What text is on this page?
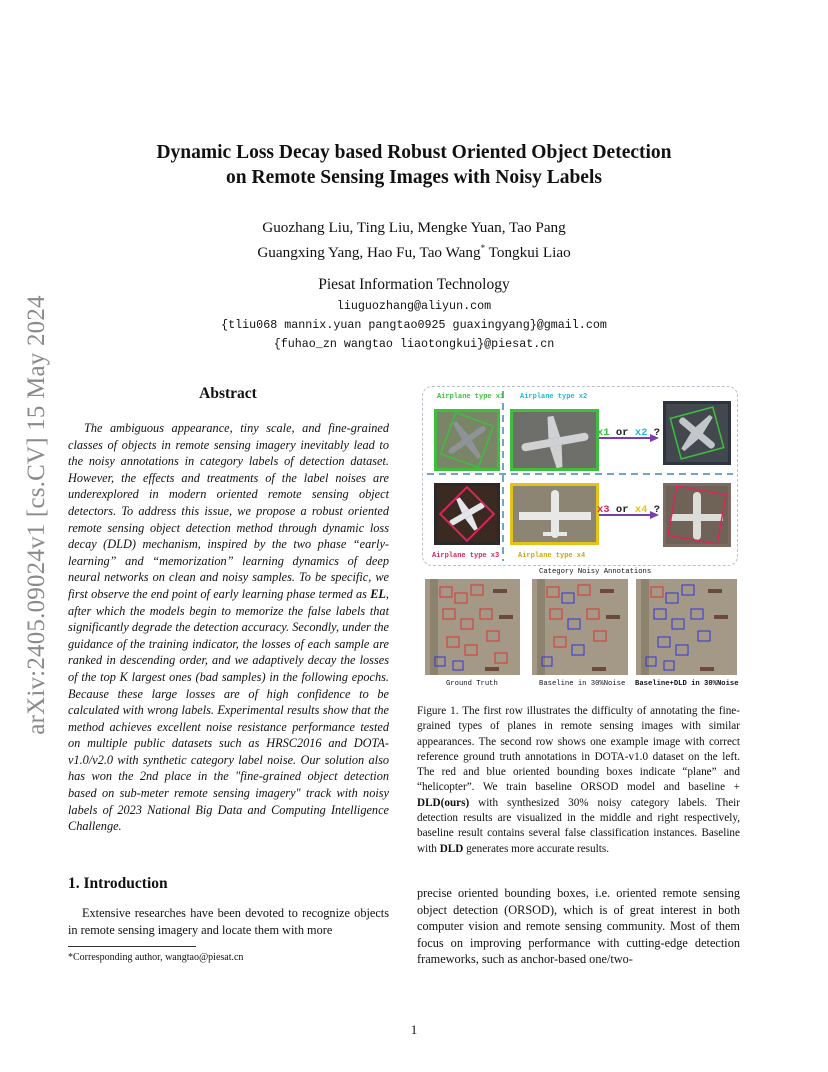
arXiv:2405.09024v1 [cs.CV] 15 May 2024
Dynamic Loss Decay based Robust Oriented Object Detection
on Remote Sensing Images with Noisy Labels
Guozhang Liu, Ting Liu, Mengke Yuan, Tao Pang
Guangxing Yang, Hao Fu, Tao Wang* Tongkui Liao
Piesat Information Technology
liuguozhang@aliyun.com
{tliu068 mannix.yuan pangtao0925 guaxingyang}@gmail.com
{fuhao_zn wangtao liaotongkui}@piesat.cn
Abstract
The ambiguous appearance, tiny scale, and fine-grained classes of objects in remote sensing imagery inevitably lead to the noisy annotations in category labels of detection dataset. However, the effects and treatments of the label noises are underexplored in modern oriented remote sensing object detectors. To address this issue, we propose a robust oriented remote sensing object detection method through dynamic loss decay (DLD) mechanism, inspired by the two phase “early-learning” and “memorization” learning dynamics of deep neural networks on clean and noisy samples. To be specific, we first observe the end point of early learning phase termed as EL, after which the models begin to memorize the false labels that significantly degrade the detection accuracy. Secondly, under the guidance of the training indicator, the losses of each sample are ranked in descending order, and we adaptively decay the losses of the top K largest ones (bad samples) in the following epochs. Because these large losses are of high confidence to be calculated with wrong labels. Experimental results show that the method achieves excellent noise resistance performance tested on multiple public datasets such as HRSC2016 and DOTA-v1.0/v2.0 with synthetic category label noise. Our solution also has won the 2nd place in the "fine-grained object detection based on sub-meter remote sensing imagery" track with noisy labels of 2023 National Big Data and Computing Intelligence Challenge.
Airplane type x1 Airplane type x2
Airplane type x3	Airplane type x4
x1 or x2 ?
x3 or x4 ?
Category Noisy Annotations
Ground Truth	Baseline in 30%Noise Baseline+DLD in 30%Noise
Figure 1. The first row illustrates the difficulty of annotating the fine-grained types of planes in remote sensing images with similar appearances. The second row shows one example image with correct reference ground truth annotations in DOTA-v1.0 dataset on the left. The red and blue oriented bounding boxes indicate “plane” and “helicopter”. We train baseline ORSOD model and baseline + DLD(ours) with synthesized 30% noisy category labels. Their detection results are visualized in the middle and right respectively, baseline result contains several false classification instances. Baseline with DLD generates more accurate results.
1. Introduction
Extensive researches have been devoted to recognize objects in remote sensing imagery and locate them with more
precise oriented bounding boxes, i.e. oriented remote sensing object detection (ORSOD), which is of great interest in both computer vision and remote sensing community. Most of them focus on improving performance with cutting-edge detection frameworks, such as anchor-based one/two-
*Corresponding author, wangtao@piesat.cn
1
